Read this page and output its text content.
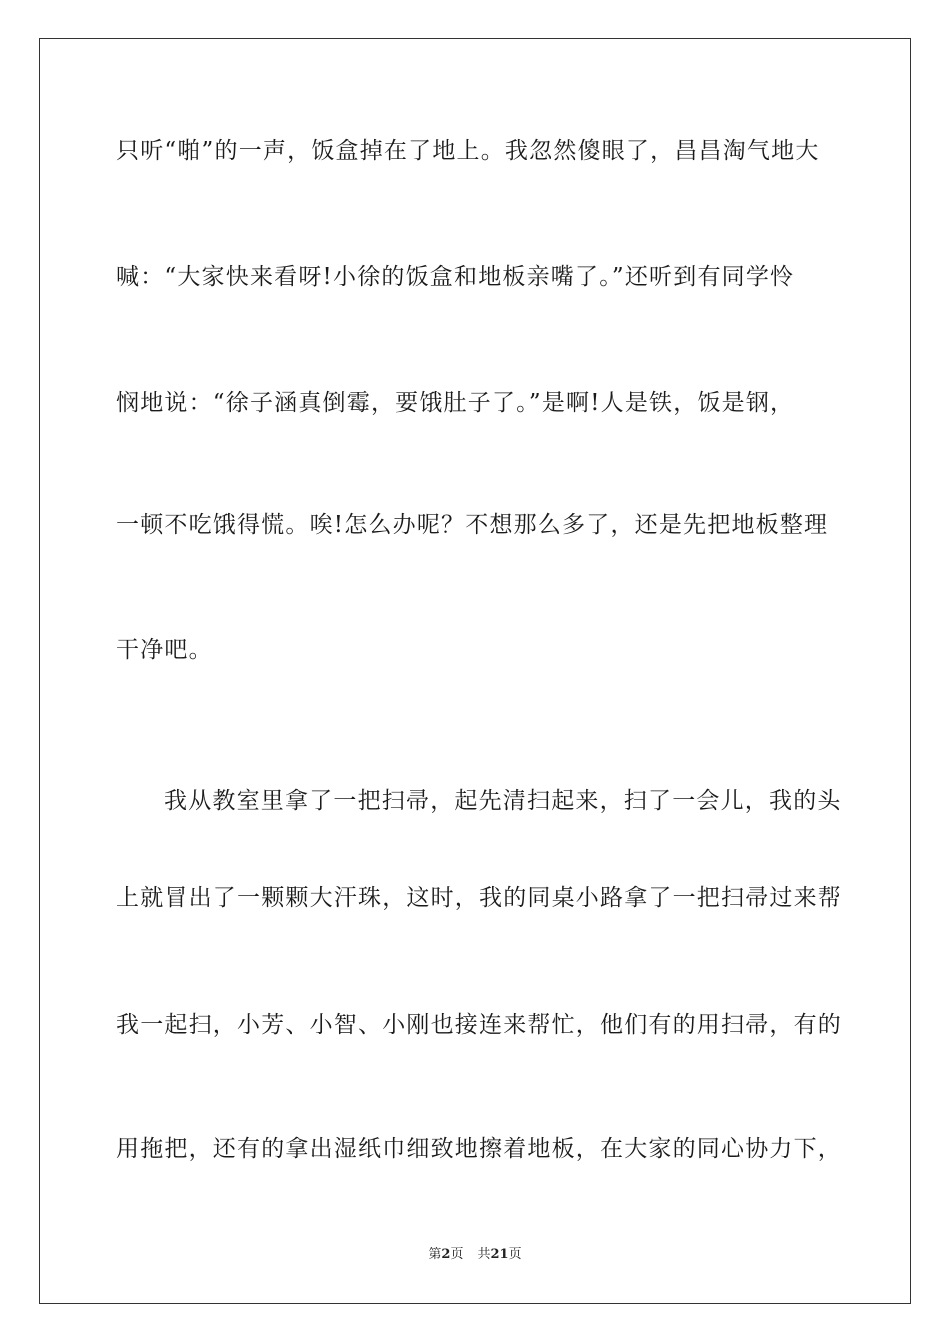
只听“啪”的一声，饭盒掉在了地上。我忽然傻眼了，昌昌淘气地大
喊：“大家快来看呀!小徐的饭盒和地板亲嘴了。”还听到有同学怜
悯地说：“徐子涵真倒霉，要饿肚子了。”是啊!人是铁，饭是钢，
一顿不吃饿得慌。唉!怎么办呢？不想那么多了，还是先把地板整理
干净吧。
我从教室里拿了一把扫帚，起先清扫起来，扫了一会儿，我的头
上就冒出了一颗颗大汗珠，这时，我的同桌小路拿了一把扫帚过来帮
我一起扫，小芳、小智、小刚也接连来帮忙，他们有的用扫帚，有的
用拖把，还有的拿出湿纸巾细致地擦着地板，在大家的同心协力下，
第2页 共21页
